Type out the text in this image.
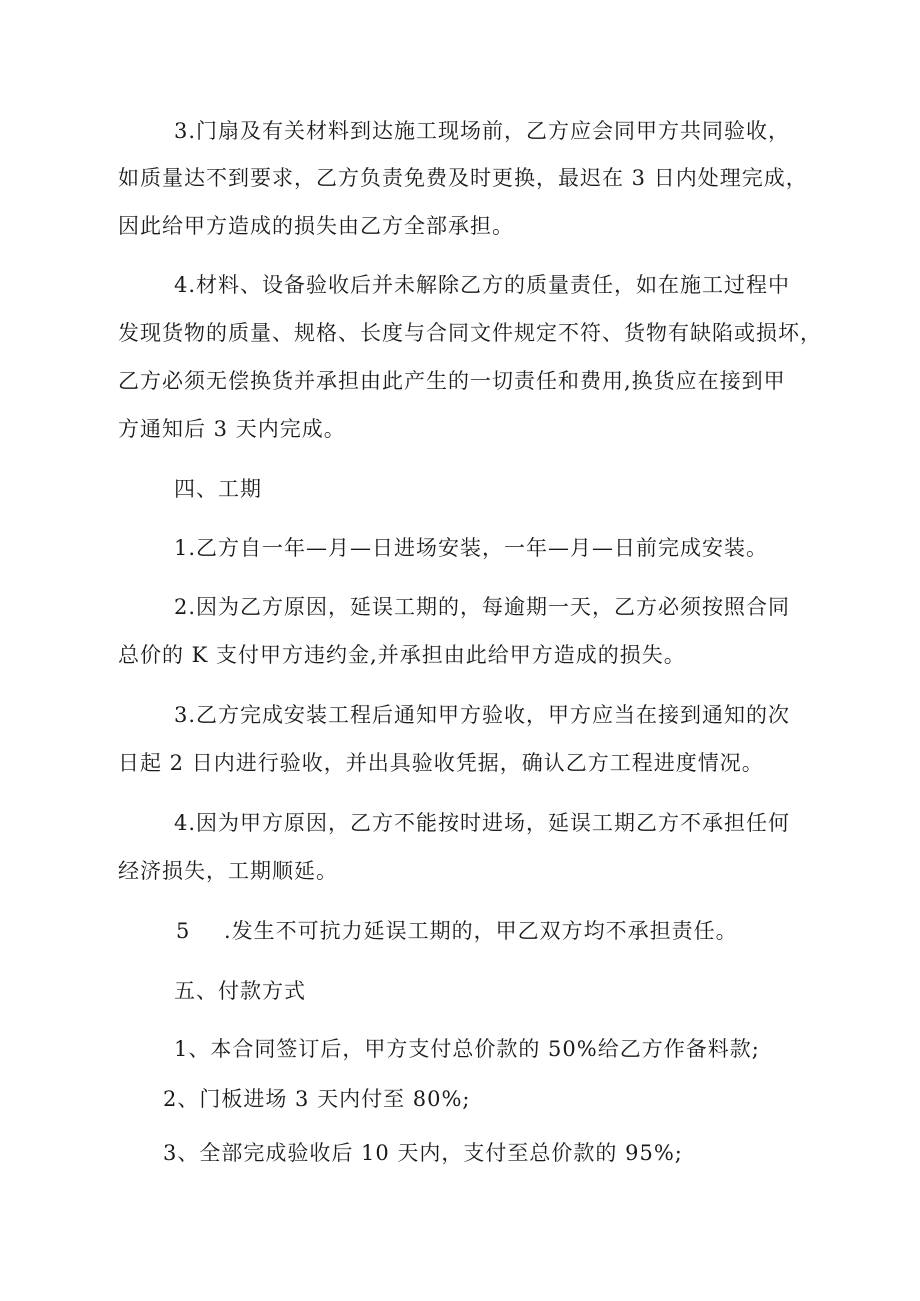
3.门扇及有关材料到达施工现场前，乙方应会同甲方共同验收，
如质量达不到要求，乙方负责免费及时更换，最迟在 3 日内处理完成，
因此给甲方造成的损失由乙方全部承担。
4.材料、设备验收后并未解除乙方的质量责任，如在施工过程中
发现货物的质量、规格、长度与合同文件规定不符、货物有缺陷或损坏，
乙方必须无偿换货并承担由此产生的一切责任和费用,换货应在接到甲
方通知后 3 天内完成。
四、工期
1.乙方自一年—月—日进场安装，一年—月—日前完成安装。
2.因为乙方原因，延误工期的，每逾期一天，乙方必须按照合同
总价的 K 支付甲方违约金,并承担由此给甲方造成的损失。
3.乙方完成安装工程后通知甲方验收，甲方应当在接到通知的次
日起 2 日内进行验收，并出具验收凭据，确认乙方工程进度情况。
4.因为甲方原因，乙方不能按时进场，延误工期乙方不承担任何
经济损失，工期顺延。
5 .发生不可抗力延误工期的，甲乙双方均不承担责任。
五、付款方式
1、本合同签订后，甲方支付总价款的 50%给乙方作备料款;
2、门板进场 3 天内付至 80%;
3、全部完成验收后 10 天内，支付至总价款的 95%;
